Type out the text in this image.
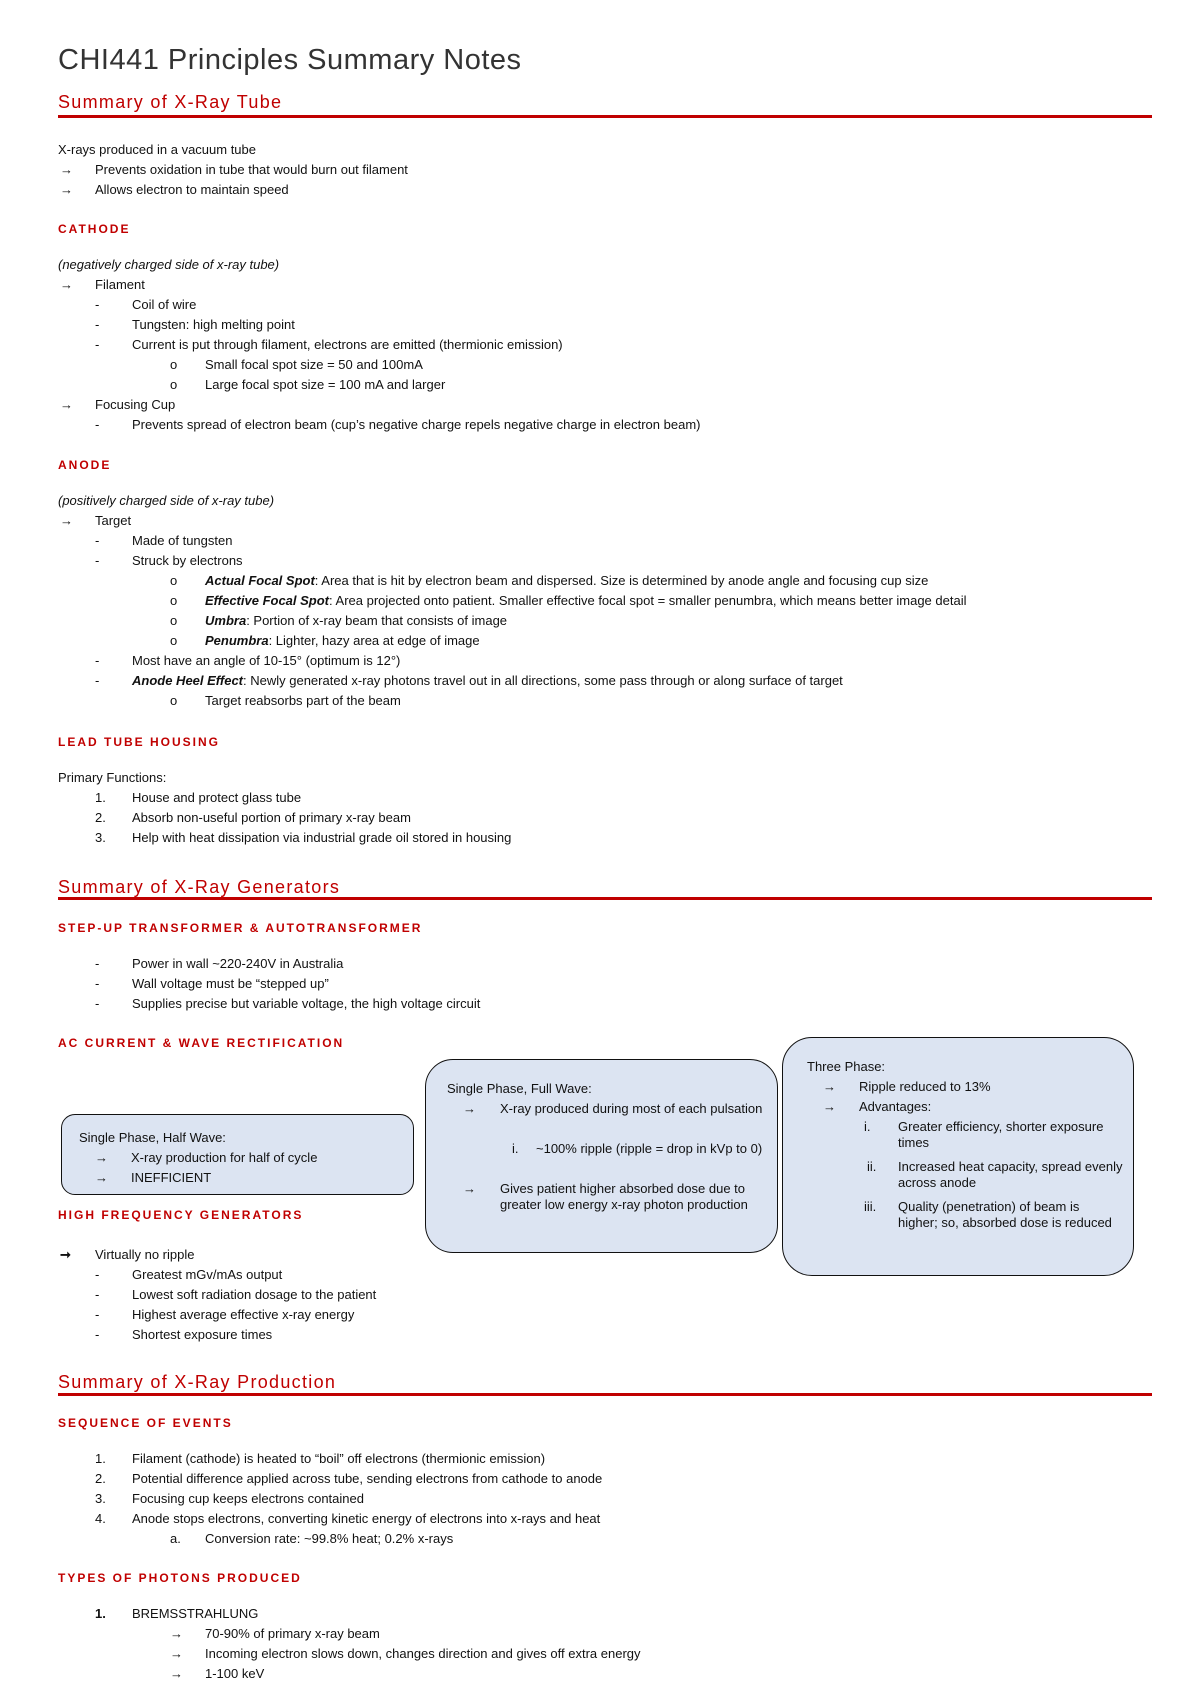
CHI441 Principles Summary Notes
Summary of X-Ray Tube
X-rays produced in a vacuum tube
→ Prevents oxidation in tube that would burn out filament
→ Allows electron to maintain speed
CATHODE
(negatively charged side of x-ray tube)
→ Filament
-	Coil of wire
-	Tungsten: high melting point
-	Current is put through filament, electrons are emitted (thermionic emission)
o Small focal spot size = 50 and 100mA
o Large focal spot size = 100 mA and larger
→ Focusing Cup
-	Prevents spread of electron beam (cup’s negative charge repels negative charge in electron beam)
ANODE
(positively charged side of x-ray tube)
→ Target
-	Made of tungsten
-	Struck by electrons
o Actual Focal Spot: Area that is hit by electron beam and dispersed. Size is determined by anode angle and focusing cup size
o Effective Focal Spot: Area projected onto patient. Smaller effective focal spot = smaller penumbra, which means better image detail
o Umbra: Portion of x-ray beam that consists of image
o Penumbra: Lighter, hazy area at edge of image
-	Most have an angle of 10-15° (optimum is 12°)
-	Anode Heel Effect: Newly generated x-ray photons travel out in all directions, some pass through or along surface of target
o Target reabsorbs part of the beam
LEAD TUBE HOUSING
Primary Functions:
1. House and protect glass tube
2. Absorb non-useful portion of primary x-ray beam
3. Help with heat dissipation via industrial grade oil stored in housing
Summary of X-Ray Generators
STEP-UP TRANSFORMER & AUTOTRANSFORMER
-	Power in wall ~220-240V in Australia
-	Wall voltage must be “stepped up”
-	Supplies precise but variable voltage, the high voltage circuit
AC CURRENT & WAVE RECTIFICATION
Single Phase, Half Wave:
→ X-ray production for half of cycle
→ INEFFICIENT
Single Phase, Full Wave:
→ X-ray produced during most of each pulsation
i. ~100% ripple (ripple = drop in kVp to 0)
→ Gives patient higher absorbed dose due to greater low energy x-ray photon production
Three Phase:
→ Ripple reduced to 13%
→ Advantages:
i. Greater efficiency, shorter exposure times
ii. Increased heat capacity, spread evenly across anode
iii. Quality (penetration) of beam is higher; so, absorbed dose is reduced
HIGH FREQUENCY GENERATORS
➞ Virtually no ripple
-	Greatest mGv/mAs output
-	Lowest soft radiation dosage to the patient
-	Highest average effective x-ray energy
-	Shortest exposure times
Summary of X-Ray Production
SEQUENCE OF EVENTS
1. Filament (cathode) is heated to “boil” off electrons (thermionic emission)
2. Potential difference applied across tube, sending electrons from cathode to anode
3. Focusing cup keeps electrons contained
4. Anode stops electrons, converting kinetic energy of electrons into x-rays and heat
a. Conversion rate: ~99.8% heat; 0.2% x-rays
TYPES OF PHOTONS PRODUCED
1. BREMSSTRAHLUNG
→ 70-90% of primary x-ray beam
→ Incoming electron slows down, changes direction and gives off extra energy
→ 1-100 keV
